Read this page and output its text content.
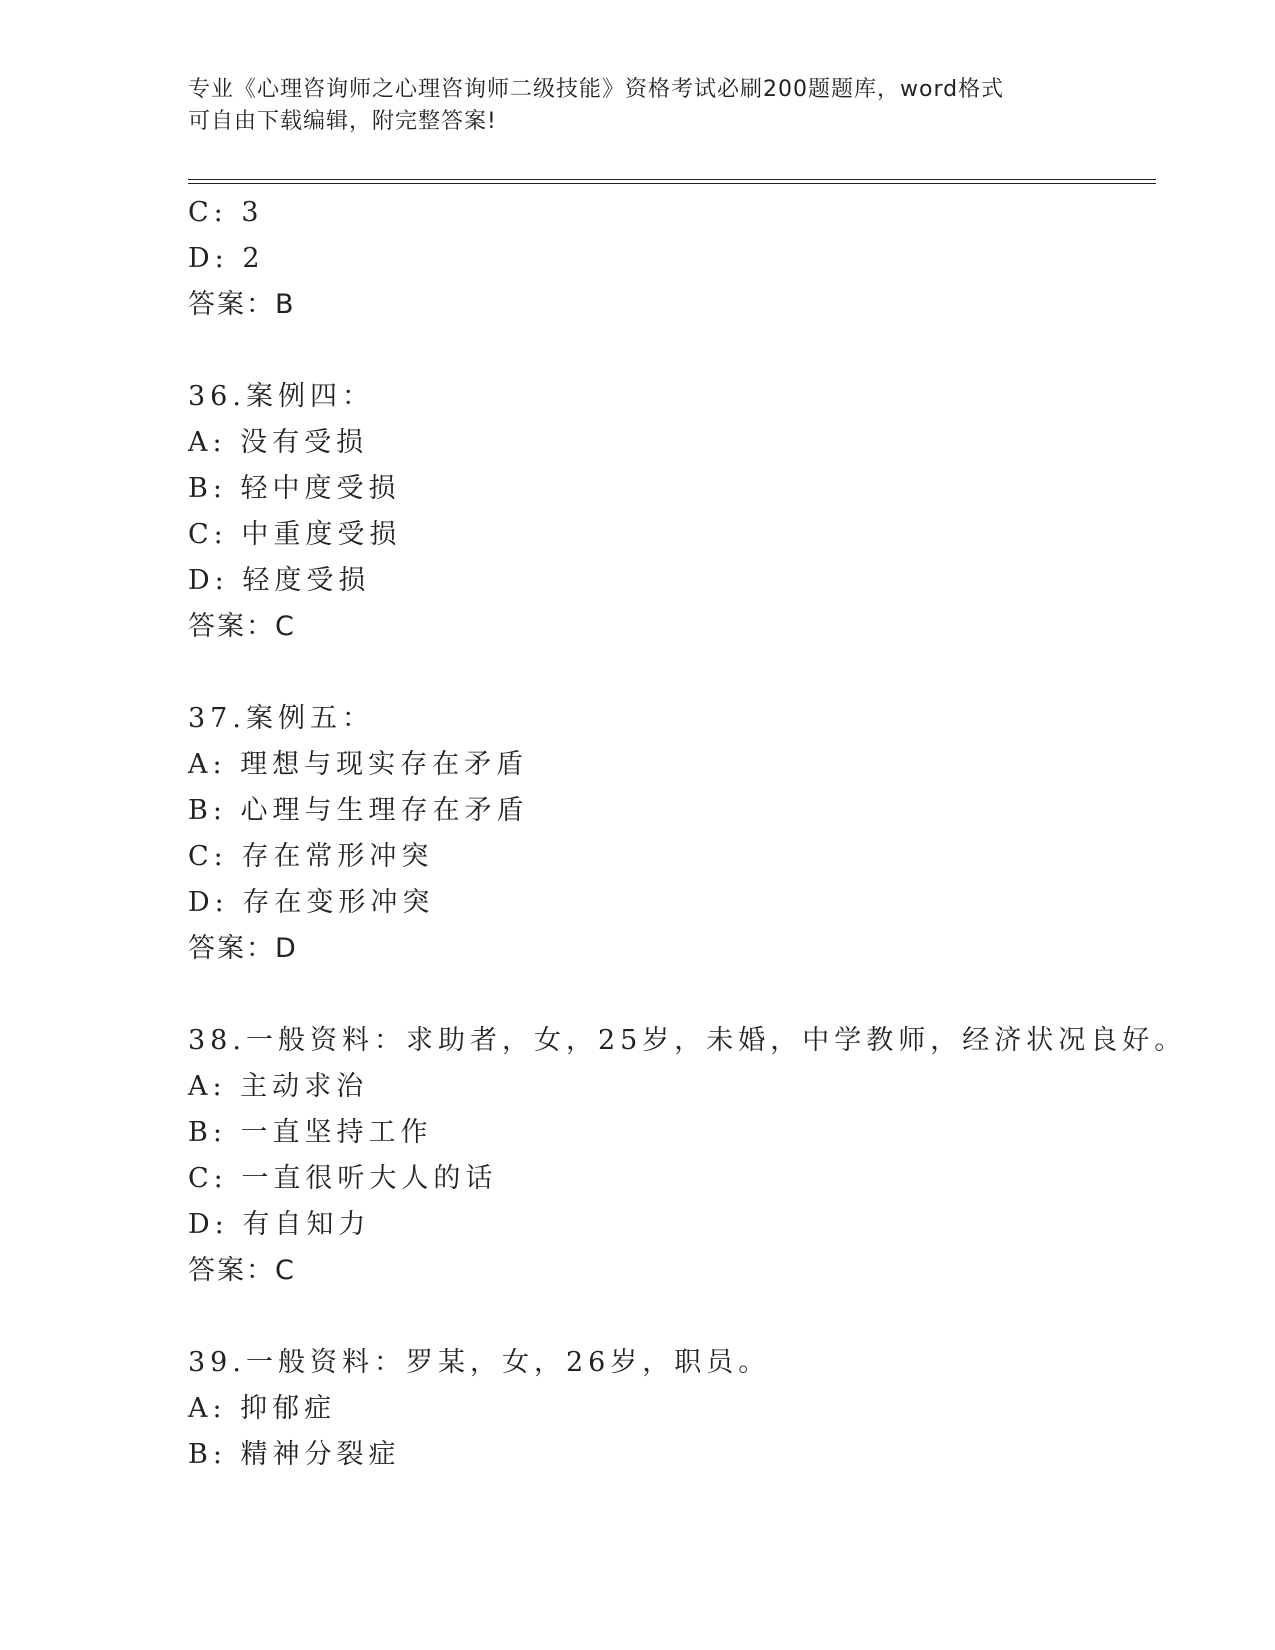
专业《心理咨询师之心理咨询师二级技能》资格考试必刷200题题库，word格式
可自由下载编辑，附完整答案!
C: 3
D: 2
答案：B
36.案例四：
A: 没有受损
B: 轻中度受损
C: 中重度受损
D: 轻度受损
答案：C
37.案例五：
A: 理想与现实存在矛盾
B: 心理与生理存在矛盾
C: 存在常形冲突
D: 存在变形冲突
答案：D
38.一般资料：求助者，女，25岁，未婚，中学教师，经济状况良好。
A: 主动求治
B: 一直坚持工作
C: 一直很听大人的话
D: 有自知力
答案：C
39.一般资料：罗某，女，26岁，职员。
A: 抑郁症
B: 精神分裂症
